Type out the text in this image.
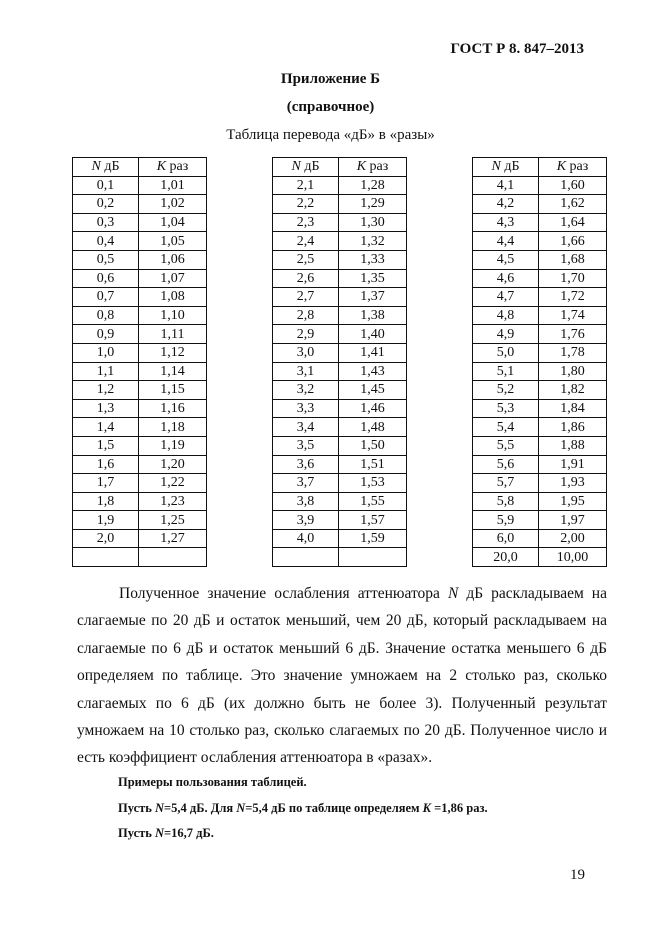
ГОСТ Р 8. 847–2013
Приложение Б
(справочное)
Таблица перевода «дБ» в «разы»
N дБ	K раз
0,1	1,01
0,2	1,02
0,3	1,04
0,4	1,05
0,5	1,06
0,6	1,07
0,7	1,08
0,8	1,10
0,9	1,11
1,0	1,12
1,1	1,14
1,2	1,15
1,3	1,16
1,4	1,18
1,5	1,19
1,6	1,20
1,7	1,22
1,8	1,23
1,9	1,25
2,0	1,27

N дБ	K раз
2,1	1,28
2,2	1,29
2,3	1,30
2,4	1,32
2,5	1,33
2,6	1,35
2,7	1,37
2,8	1,38
2,9	1,40
3,0	1,41
3,1	1,43
3,2	1,45
3,3	1,46
3,4	1,48
3,5	1,50
3,6	1,51
3,7	1,53
3,8	1,55
3,9	1,57
4,0	1,59

N дБ	K раз
4,1	1,60
4,2	1,62
4,3	1,64
4,4	1,66
4,5	1,68
4,6	1,70
4,7	1,72
4,8	1,74
4,9	1,76
5,0	1,78
5,1	1,80
5,2	1,82
5,3	1,84
5,4	1,86
5,5	1,88
5,6	1,91
5,7	1,93
5,8	1,95
5,9	1,97
6,0	2,00
20,0	10,00

Полученное значение ослабления аттенюатора N дБ раскладываем на слагаемые по 20 дБ и остаток меньший, чем 20 дБ, который раскладываем на слагаемые по 6 дБ и остаток меньший 6 дБ. Значение остатка меньшего 6 дБ определяем по таблице. Это значение умножаем на 2 столько раз, сколько слагаемых по 6 дБ (их должно быть не более 3). Полученный результат умножаем на 10 столько раз, сколько слагаемых по 20 дБ. Полученное число и есть коэффициент ослабления аттенюатора в «разах».

Примеры пользования таблицей.
Пусть N=5,4 дБ. Для N=5,4 дБ по таблице определяем K =1,86 раз.
Пусть N=16,7 дБ.
19
